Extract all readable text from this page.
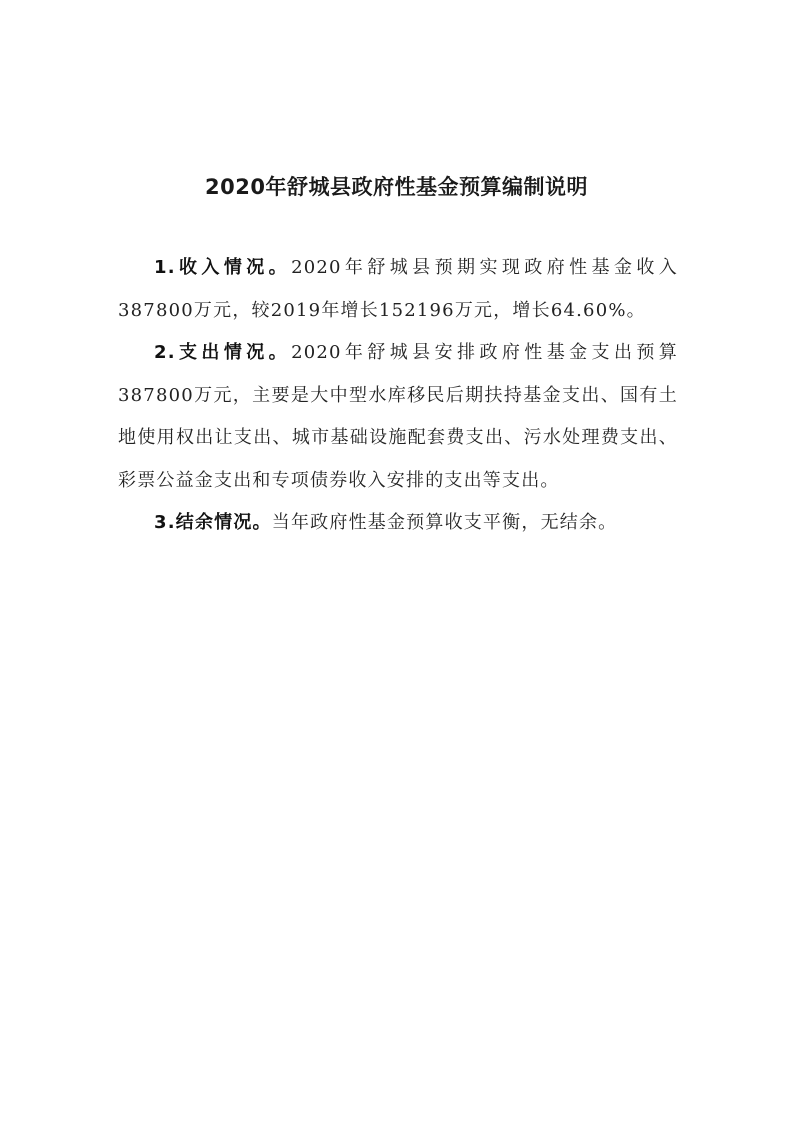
2020年舒城县政府性基金预算编制说明

1.收入情况。2020年舒城县预期实现政府性基金收入387800万元，较2019年增长152196万元，增长64.60%。

2.支出情况。2020年舒城县安排政府性基金支出预算387800万元，主要是大中型水库移民后期扶持基金支出、国有土地使用权出让支出、城市基础设施配套费支出、污水处理费支出、彩票公益金支出和专项债券收入安排的支出等支出。

3.结余情况。当年政府性基金预算收支平衡，无结余。
